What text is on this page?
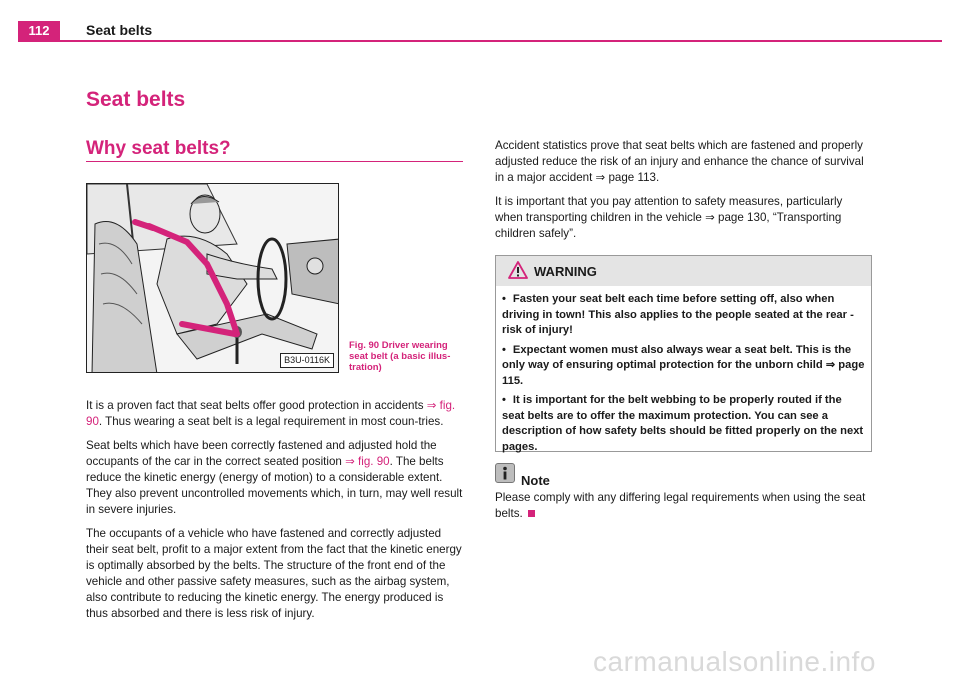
112	Seat belts
Seat belts
Why seat belts?
B3U-0116K
Fig. 90 Driver wearing seat belt (a basic illus-tration)

It is a proven fact that seat belts offer good protection in accidents ⇒ fig. 90. Thus wearing a seat belt is a legal requirement in most coun-tries.

Seat belts which have been correctly fastened and adjusted hold the occupants of the car in the correct seated position ⇒ fig. 90. The belts reduce the kinetic energy (energy of motion) to a considerable extent. They also prevent uncontrolled movements which, in turn, may well result in severe injuries.

The occupants of a vehicle who have fastened and correctly adjusted their seat belt, profit to a major extent from the fact that the kinetic energy is optimally absorbed by the belts. The structure of the front end of the vehicle and other passive safety measures, such as the airbag system, also contribute to reducing the kinetic energy. The energy produced is thus absorbed and there is less risk of injury.

Accident statistics prove that seat belts which are fastened and properly adjusted reduce the risk of an injury and enhance the chance of survival in a major accident ⇒ page 113.

It is important that you pay attention to safety measures, particularly when transporting children in the vehicle ⇒ page 130, “Transporting children safely”.

WARNING
• Fasten your seat belt each time before setting off, also when driving in town! This also applies to the people seated at the rear - risk of injury!
• Expectant women must also always wear a seat belt. This is the only way of ensuring optimal protection for the unborn child ⇒ page 115.
• It is important for the belt webbing to be properly routed if the seat belts are to offer the maximum protection. You can see a description of how safety belts should be fitted properly on the next pages.
Note
Please comply with any differing legal requirements when using the seat belts.
carmanualsonline.info
